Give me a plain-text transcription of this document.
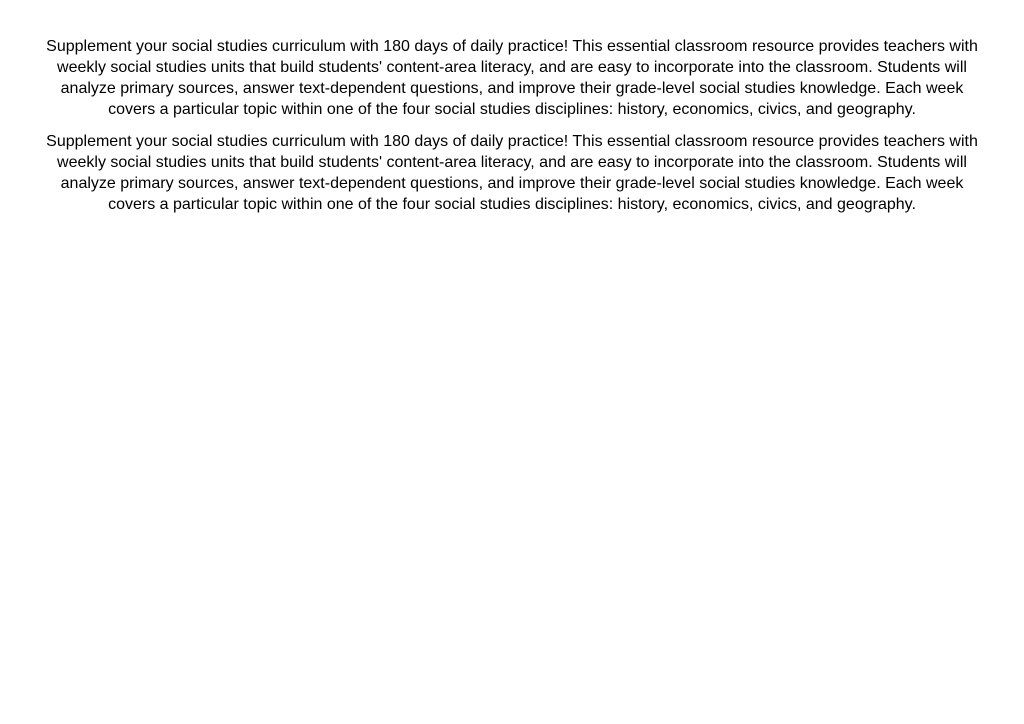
Supplement your social studies curriculum with 180 days of daily practice! This essential classroom resource provides teachers with weekly social studies units that build students' content-area literacy, and are easy to incorporate into the classroom. Students will analyze primary sources, answer text-dependent questions, and improve their grade-level social studies knowledge. Each week covers a particular topic within one of the four social studies disciplines: history, economics, civics, and geography.

Supplement your social studies curriculum with 180 days of daily practice! This essential classroom resource provides teachers with weekly social studies units that build students' content-area literacy, and are easy to incorporate into the classroom. Students will analyze primary sources, answer text-dependent questions, and improve their grade-level social studies knowledge. Each week covers a particular topic within one of the four social studies disciplines: history, economics, civics, and geography.
